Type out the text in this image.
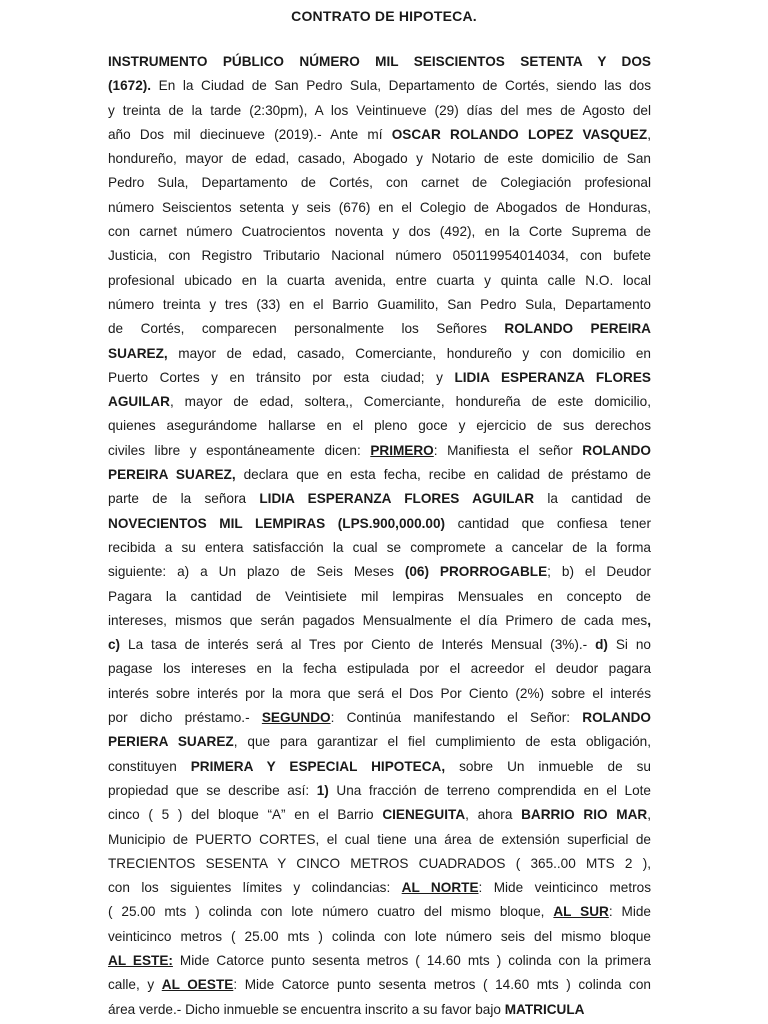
CONTRATO DE HIPOTECA.
INSTRUMENTO PÚBLICO NÚMERO MIL SEISCIENTOS SETENTA Y DOS
(1672). En la Ciudad de San Pedro Sula, Departamento de Cortés, siendo las dos
y treinta de la tarde (2:30pm), A los Veintinueve (29) días del mes de Agosto del
año Dos mil diecinueve (2019).- Ante mí OSCAR ROLANDO LOPEZ VASQUEZ,
hondureño, mayor de edad, casado, Abogado y Notario de este domicilio de San
Pedro Sula, Departamento de Cortés, con carnet de Colegiación profesional
número Seiscientos setenta y seis (676) en el Colegio de Abogados de Honduras,
con carnet número Cuatrocientos noventa y dos (492), en la Corte Suprema de
Justicia, con Registro Tributario Nacional número 050119954014034, con bufete
profesional ubicado en la cuarta avenida, entre cuarta y quinta calle N.O. local
número treinta y tres (33) en el Barrio Guamilito, San Pedro Sula, Departamento
de Cortés, comparecen personalmente los Señores ROLANDO PEREIRA
SUAREZ, mayor de edad, casado, Comerciante, hondureño y con domicilio en
Puerto Cortes y en tránsito por esta ciudad; y LIDIA ESPERANZA FLORES
AGUILAR, mayor de edad, soltera,, Comerciante, hondureña de este domicilio,
quienes asegurándome hallarse en el pleno goce y ejercicio de sus derechos
civiles libre y espontáneamente dicen: PRIMERO: Manifiesta el señor ROLANDO
PEREIRA SUAREZ, declara que en esta fecha, recibe en calidad de préstamo de
parte de la señora LIDIA ESPERANZA FLORES AGUILAR la cantidad de
NOVECIENTOS MIL LEMPIRAS (LPS.900,000.00) cantidad que confiesa tener
recibida a su entera satisfacción la cual se compromete a cancelar de la forma
siguiente: a) a Un plazo de Seis Meses (06) PRORROGABLE; b) el Deudor
Pagara la cantidad de Veintisiete mil lempiras Mensuales en concepto de
intereses, mismos que serán pagados Mensualmente el día Primero de cada mes,
c) La tasa de interés será al Tres por Ciento de Interés Mensual (3%).- d) Si no
pagase los intereses en la fecha estipulada por el acreedor el deudor pagara
interés sobre interés por la mora que será el Dos Por Ciento (2%) sobre el interés
por dicho préstamo.- SEGUNDO: Continúa manifestando el Señor: ROLANDO
PERIERA SUAREZ, que para garantizar el fiel cumplimiento de esta obligación,
constituyen PRIMERA Y ESPECIAL HIPOTECA, sobre Un inmueble de su
propiedad que se describe así: 1) Una fracción de terreno comprendida en el Lote
cinco ( 5 ) del bloque “A” en el Barrio CIENEGUITA, ahora BARRIO RIO MAR,
Municipio de PUERTO CORTES, el cual tiene una área de extensión superficial de
TRECIENTOS SESENTA Y CINCO METROS CUADRADOS ( 365..00 MTS 2 ),
con los siguientes límites y colindancias: AL NORTE: Mide veinticinco metros
( 25.00 mts ) colinda con lote número cuatro del mismo bloque, AL SUR: Mide
veinticinco metros ( 25.00 mts ) colinda con lote número seis del mismo bloque
AL ESTE: Mide Catorce punto sesenta metros ( 14.60 mts ) colinda con la primera
calle, y AL OESTE: Mide Catorce punto sesenta metros ( 14.60 mts ) colinda con
área verde.- Dicho inmueble se encuentra inscrito a su favor bajo MATRICULA
